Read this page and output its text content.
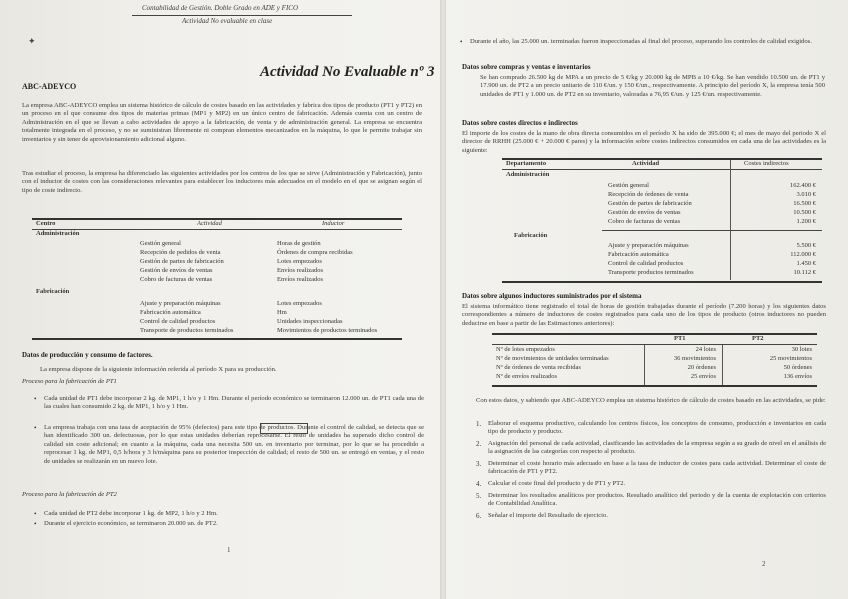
✦
Contabilidad de Gestión. Doble Grado en ADE y FICO
Actividad No evaluable en clase
Actividad No Evaluable nº 3
ABC-ADEYCO
La empresa ABC-ADEYCO emplea un sistema histórico de cálculo de costes basado en las actividades y fabrica dos tipos de producto (PT1 y PT2) en un proceso en el que consume dos tipos de materias primas (MP1 y MP2) en un único centro de fabricación. Además cuenta con un centro de Administración en el que se llevan a cabo actividades de apoyo a la fabricación, de venta y de administración general. La empresa se encuentra totalmente integrada en el proceso, y no se suministran libremente ni compran elementos mecanizados en la máquina, lo que le permite trabajar sin inventarios y sin tener de aprovisionamiento adicional alguno.
Tras estudiar el proceso, la empresa ha diferenciado las siguientes actividades por los centros de los que se sirve (Administración y Fabricación), junto con el inductor de costes con las consideraciones relevantes para establecer los inductores más adecuados en el modelo en el que se asignan según el tipo de coste indirecto.
Centro	Actividad	Inductor
Administración
Gestión general	Horas de gestión
Recepción de pedidos de venta	Órdenes de compra recibidas
Gestión de partes de fabricación	Lotes empezados
Gestión de envíos de ventas	Envíos realizados
Cobro de facturas de ventas	Envíos realizados
Fabricación
Ajuste y preparación máquinas	Lotes empezados
Fabricación automática	Hm
Control de calidad productos	Unidades inspeccionadas
Transporte de productos terminados	Movimientos de productos terminados
Datos de producción y consumo de factores.
La empresa dispone de la siguiente información referida al período X para su producción.
Proceso para la fabricación de PT1
• Cada unidad de PT1 debe incorporar 2 kg. de MP1, 1 h/o y 1 Hm. Durante el período económico se terminaron 12.000 un. de PT1 cada una de las cuales han consumido 2 kg. de MP1, 1 h/o y 1 Hm.
• La empresa trabaja con una tasa de aceptación de 95% (defectos) para este tipo de productos. Durante el control de calidad, se detecta que se han identificado 300 un. defectuosas, por lo que estas unidades deberían reprocesarse. El resto de unidades ha superado dicho control de calidad sin coste adicional; en cuanto a la máquina, cada una necesita 500 un. en inventario por terminar, por lo que se ha procedido a reprocesar 1 kg. de MP1, 0,5 h/hora y 3 h/máquina para su posterior inspección de calidad; el resto de 500 un. se entregó en ventas, y el resto de unidades se realizarán en un nuevo lote.
Proceso para la fabricación de PT2
• Cada unidad de PT2 debe incorporar 1 kg. de MP2, 1 h/o y 2 Hm.
• Durante el ejercicio económico, se terminaron 20.000 un. de PT2.
1
• Durante el año, las 25.000 un. terminadas fueron inspeccionadas al final del proceso, superando los controles de calidad exigidos.
Datos sobre compras y ventas e inventarios
Se han comprado 26.500 kg de MPA a un precio de 5 €/kg y 20.000 kg de MPB a 10 €/kg. Se han vendido 10.500 un. de PT1 y 17.900 un. de PT2 a un precio unitario de 110 €/un. y 150 €/un., respectivamente. A principio del período X, la empresa tenía 500 unidades de PT1 y 1.000 un. de PT2 en su inventario, valoradas a 76,95 €/un. y 125 €/un. respectivamente.
Datos sobre costes directos e indirectos
El importe de los costes de la mano de obra directa consumidos en el período X ha sido de 395.000 €; el mes de mayo del periodo X el director de RRHH (25.000 € + 20.000 € pares) y la información sobre costes indirectos consumidos en cada una de las actividades es la siguiente:
Departamento	Actividad	Costes indirectos
Administración
Gestión general	162.400 €
Recepción de órdenes de venta	3.010 €
Gestión de partes de fabricación	16.500 €
Gestión de envíos de ventas	10.500 €
Cobro de facturas de ventas	1.200 €
Fabricación
Ajuste y preparación máquinas	5.500 €
Fabricación automática	112.000 €
Control de calidad productos	1.450 €
Transporte productos terminados	10.112 €
Datos sobre algunos inductores suministrados por el sistema
El sistema informático tiene registrado el total de horas de gestión trabajadas durante el período (7.200 horas) y los siguientes datos correspondientes a número de inductores de costes registrados para cada uno de los tipos de producto (otros inductores no pueden deducirse en base a partir de las Estimaciones anteriores):
PT1	PT2
Nº de lotes empezados	24 lotes	30 lotes
Nº de movimientos de unidades terminadas	36 movimientos	25 movimientos
Nº de órdenes de venta recibidas	20 órdenes	50 órdenes
Nº de envíos realizados	25 envíos	136 envíos
Con estos datos, y sabiendo que ABC-ADEYCO emplea un sistema histórico de cálculo de costes basado en las actividades, se pide:
1. Elaborar el esquema productivo, calculando los centros físicos, los conceptos de consumo, producción e inventarios en cada tipo de producto y producto.
2. Asignación del personal de cada actividad, clasificando las actividades de la empresa según a su grado de nivel en el análisis de la asignación de las categorías con respecto al producto.
3. Determinar el coste horario más adecuado en base a la tasa de inductor de costes para cada actividad. Determinar el coste de fabricación de PT1 y PT2.
4. Calcular el coste final del producto y de PT1 y PT2.
5. Determinar los resultados analíticos por productos. Resultado analítico del periodo y de la cuenta de explotación con criterios de Contabilidad Analítica.
6. Señalar el importe del Resultado de ejercicio.
2
